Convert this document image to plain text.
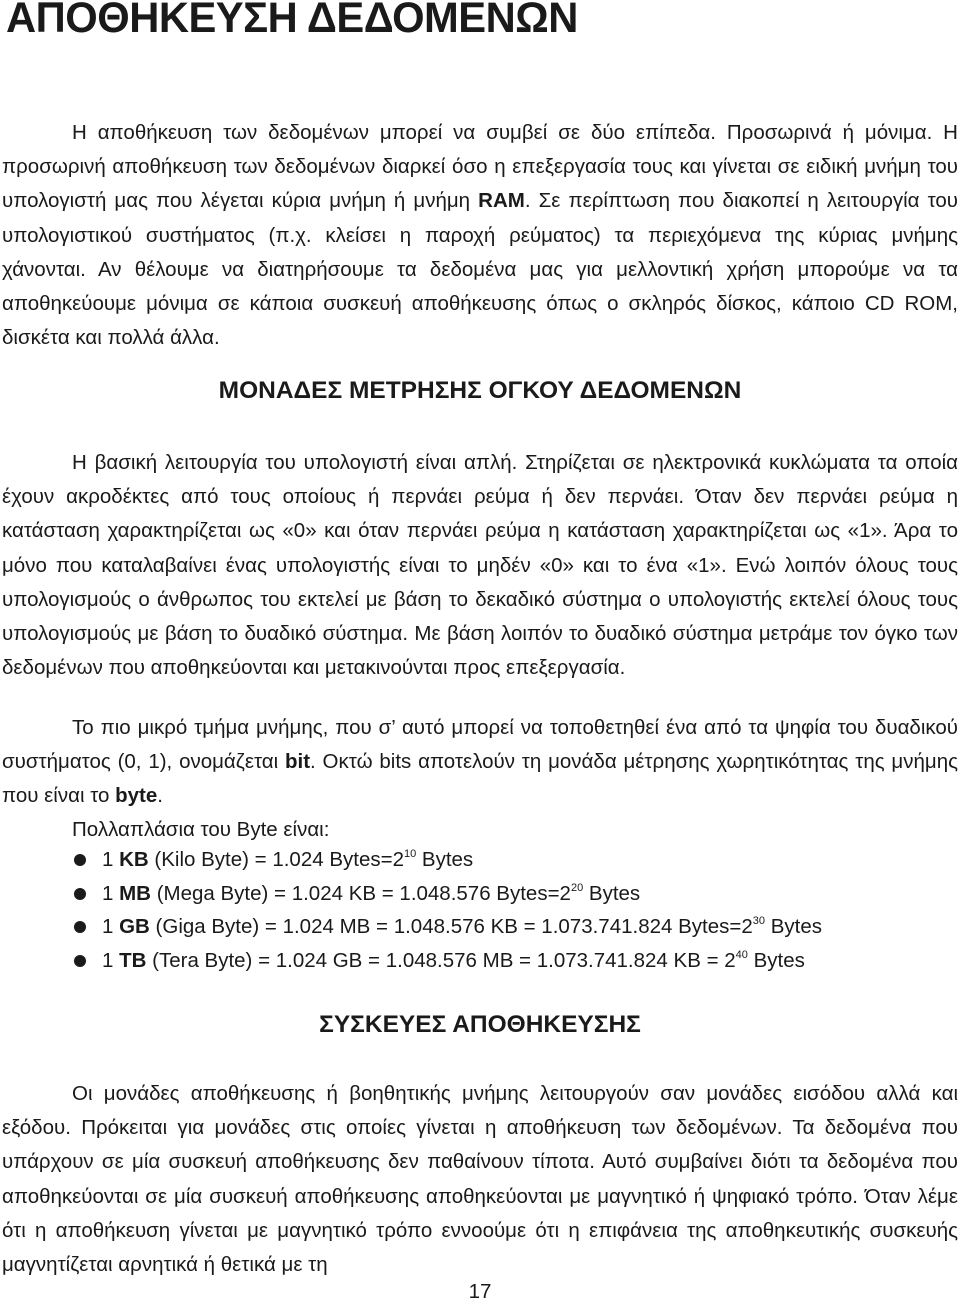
ΑΠΟΘΗΚΕΥΣΗ ΔΕΔΟΜΕΝΩΝ

Η αποθήκευση των δεδομένων μπορεί να συμβεί σε δύο επίπεδα. Προσωρινά ή μόνιμα. Η προσωρινή αποθήκευση των δεδομένων διαρκεί όσο η επεξεργασία τους και γίνεται σε ειδική μνήμη του υπολογιστή μας που λέγεται κύρια μνήμη ή μνήμη RAM. Σε περίπτωση που διακοπεί η λειτουργία του υπολογιστικού συστήματος (π.χ. κλείσει η παροχή ρεύματος) τα περιεχόμενα της κύριας μνήμης χάνονται. Αν θέλουμε να διατηρήσουμε τα δεδομένα μας για μελλοντική χρήση μπορούμε να τα αποθηκεύουμε μόνιμα σε κάποια συσκευή αποθήκευσης όπως ο σκληρός δίσκος, κάποιο CD ROM, δισκέτα και πολλά άλλα.

ΜΟΝΑΔΕΣ ΜΕΤΡΗΣΗΣ ΟΓΚΟΥ ΔΕΔΟΜΕΝΩΝ

Η βασική λειτουργία του υπολογιστή είναι απλή. Στηρίζεται σε ηλεκτρονικά κυκλώματα τα οποία έχουν ακροδέκτες από τους οποίους ή περνάει ρεύμα ή δεν περνάει. Όταν δεν περνάει ρεύμα η κατάσταση χαρακτηρίζεται ως «0» και όταν περνάει ρεύμα η κατάσταση χαρακτηρίζεται ως «1». Άρα το μόνο που καταλαβαίνει ένας υπολογιστής είναι το μηδέν «0» και το ένα «1». Ενώ λοιπόν όλους τους υπολογισμούς ο άνθρωπος του εκτελεί με βάση το δεκαδικό σύστημα ο υπολογιστής εκτελεί όλους τους υπολογισμούς με βάση το δυαδικό σύστημα. Με βάση λοιπόν το δυαδικό σύστημα μετράμε τον όγκο των δεδομένων που αποθηκεύονται και μετακινούνται προς επεξεργασία.

Το πιο μικρό τμήμα μνήμης, που σ’ αυτό μπορεί να τοποθετηθεί ένα από τα ψηφία του δυαδικού συστήματος (0, 1), ονομάζεται bit. Οκτώ bits αποτελούν τη μονάδα μέτρησης χωρητικότητας της μνήμης που είναι το byte.

Πολλαπλάσια του Byte είναι:

1 KB (Kilo Byte) = 1.024 $Bytes=2^{10}$ Bytes
1 MB (Mega Byte) = 1.024 KB = 1.048.576 $Bytes=2^{20}$ Bytes
1 GB (Giga Byte) = 1.024 MB = 1.048.576 KB = 1.073.741.824 $Bytes=2^{30}$ Bytes
1 TB (Tera Byte) = 1.024 GB = 1.048.576 MB = 1.073.741.824 KB = $2^{40}$ Bytes
ΣΥΣΚΕΥΕΣ ΑΠΟΘΗΚΕΥΣΗΣ

Οι μονάδες αποθήκευσης ή βοηθητικής μνήμης λειτουργούν σαν μονάδες εισόδου αλλά και εξόδου. Πρόκειται για μονάδες στις οποίες γίνεται η αποθήκευση των δεδομένων. Τα δεδομένα που υπάρχουν σε μία συσκευή αποθήκευσης δεν παθαίνουν τίποτα. Αυτό συμβαίνει διότι τα δεδομένα που αποθηκεύονται σε μία συσκευή αποθήκευσης αποθηκεύονται με μαγνητικό ή ψηφιακό τρόπο. Όταν λέμε ότι η αποθήκευση γίνεται με μαγνητικό τρόπο εννοούμε ότι η επιφάνεια της αποθηκευτικής συσκευής μαγνητίζεται αρνητικά ή θετικά με τη

17
